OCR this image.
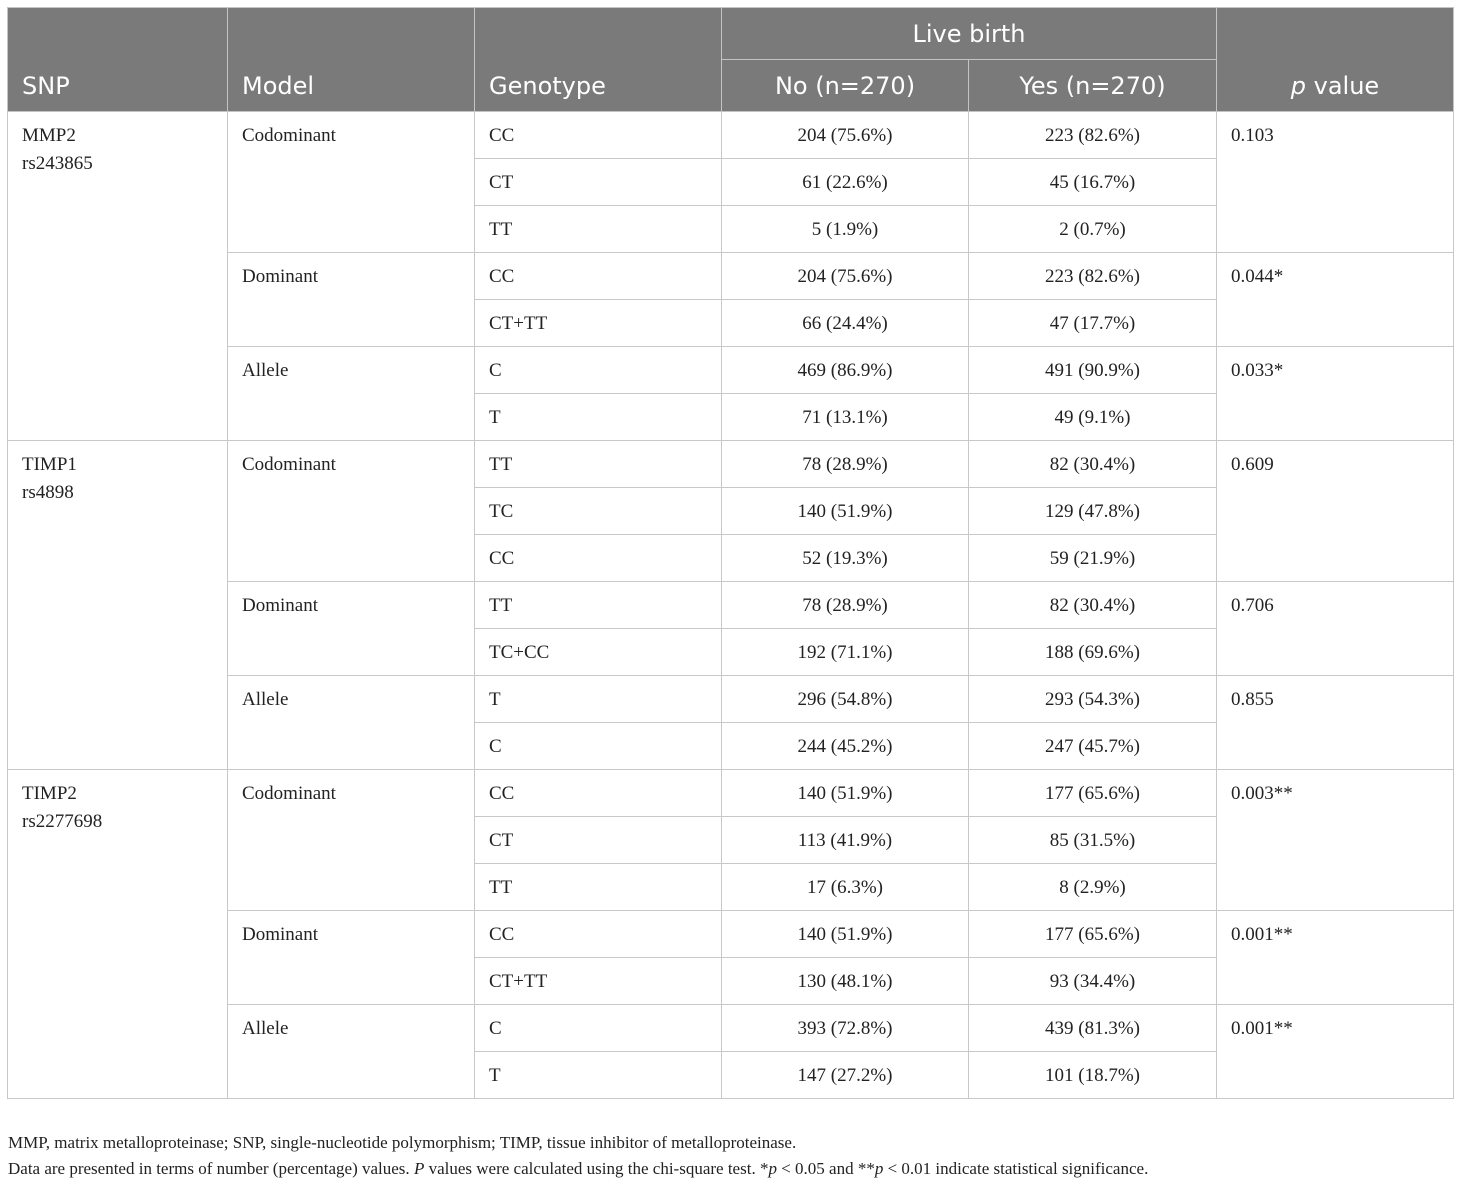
SNP	Model	Genotype	Live birth		p value
			No (n=270)	Yes (n=270)	

MMP2
rs243865	Codominant	CC	204 (75.6%)	223 (82.6%)	0.103
		CT	61 (22.6%)	45 (16.7%)	
		TT	5 (1.9%)	2 (0.7%)	
	Dominant	CC	204 (75.6%)	223 (82.6%)	0.044*
		CT+TT	66 (24.4%)	47 (17.7%)	
	Allele	C	469 (86.9%)	491 (90.9%)	0.033*
		T	71 (13.1%)	49 (9.1%)	

TIMP1
rs4898	Codominant	TT	78 (28.9%)	82 (30.4%)	0.609
		TC	140 (51.9%)	129 (47.8%)	
		CC	52 (19.3%)	59 (21.9%)	
	Dominant	TT	78 (28.9%)	82 (30.4%)	0.706
		TC+CC	192 (71.1%)	188 (69.6%)	
	Allele	T	296 (54.8%)	293 (54.3%)	0.855
		C	244 (45.2%)	247 (45.7%)	

TIMP2
rs2277698	Codominant	CC	140 (51.9%)	177 (65.6%)	0.003**
		CT	113 (41.9%)	85 (31.5%)	
		TT	17 (6.3%)	8 (2.9%)	
	Dominant	CC	140 (51.9%)	177 (65.6%)	0.001**
		CT+TT	130 (48.1%)	93 (34.4%)	
	Allele	C	393 (72.8%)	439 (81.3%)	0.001**
		T	147 (27.2%)	101 (18.7%)	
MMP, matrix metalloproteinase; SNP, single-nucleotide polymorphism; TIMP, tissue inhibitor of metalloproteinase.
Data are presented in terms of number (percentage) values. P values were calculated using the chi-square test. *p < 0.05 and **p < 0.01 indicate statistical significance.
